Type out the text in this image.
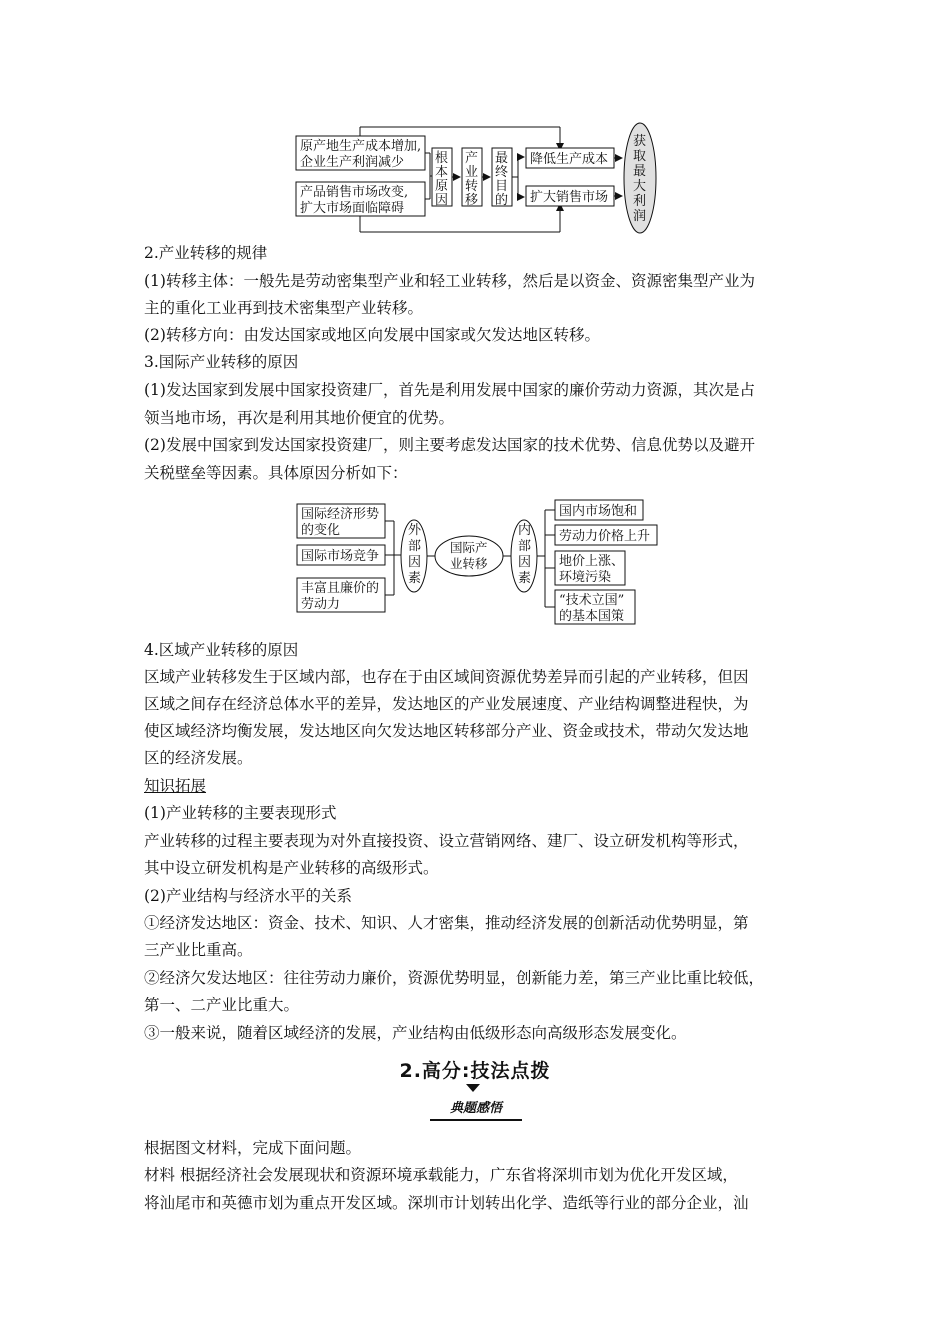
原产地生产成本增加,
企业生产利润减少
产品销售市场改变,
扩大市场面临障碍
根
本
原
因
产
业
转
移
最
终
目
的
降低生产成本
扩大销售市场
获
取
最
大
利
润
2.产业转移的规律
(1)转移主体：一般先是劳动密集型产业和轻工业转移，然后是以资金、资源密集型产业为
主的重化工业再到技术密集型产业转移。
(2)转移方向：由发达国家或地区向发展中国家或欠发达地区转移。
3.国际产业转移的原因
(1)发达国家到发展中国家投资建厂，首先是利用发展中国家的廉价劳动力资源，其次是占
领当地市场，再次是利用其地价便宜的优势。
(2)发展中国家到发达国家投资建厂，则主要考虑发达国家的技术优势、信息优势以及避开
关税壁垒等因素。具体原因分析如下：
国际经济形势
的变化
国际市场竞争
丰富且廉价的
劳动力
外
部
因
素
国际产
业转移
内
部
因
素
国内市场饱和
劳动力价格上升
地价上涨、
环境污染
“技术立国”
的基本国策
4.区域产业转移的原因
区域产业转移发生于区域内部，也存在于由区域间资源优势差异而引起的产业转移，但因
区域之间存在经济总体水平的差异，发达地区的产业发展速度、产业结构调整进程快，为
使区域经济均衡发展，发达地区向欠发达地区转移部分产业、资金或技术，带动欠发达地
区的经济发展。
知识拓展
(1)产业转移的主要表现形式
产业转移的过程主要表现为对外直接投资、设立营销网络、建厂、设立研发机构等形式，
其中设立研发机构是产业转移的高级形式。
(2)产业结构与经济水平的关系
①经济发达地区：资金、技术、知识、人才密集，推动经济发展的创新活动优势明显，第
三产业比重高。
②经济欠发达地区：往往劳动力廉价，资源优势明显，创新能力差，第三产业比重比较低，
第一、二产业比重大。
③一般来说，随着区域经济的发展，产业结构由低级形态向高级形态发展变化。
2.高分:技法点拨
典题感悟
根据图文材料，完成下面问题。
材料 根据经济社会发展现状和资源环境承载能力，广东省将深圳市划为优化开发区域，
将汕尾市和英德市划为重点开发区域。深圳市计划转出化学、造纸等行业的部分企业，汕
